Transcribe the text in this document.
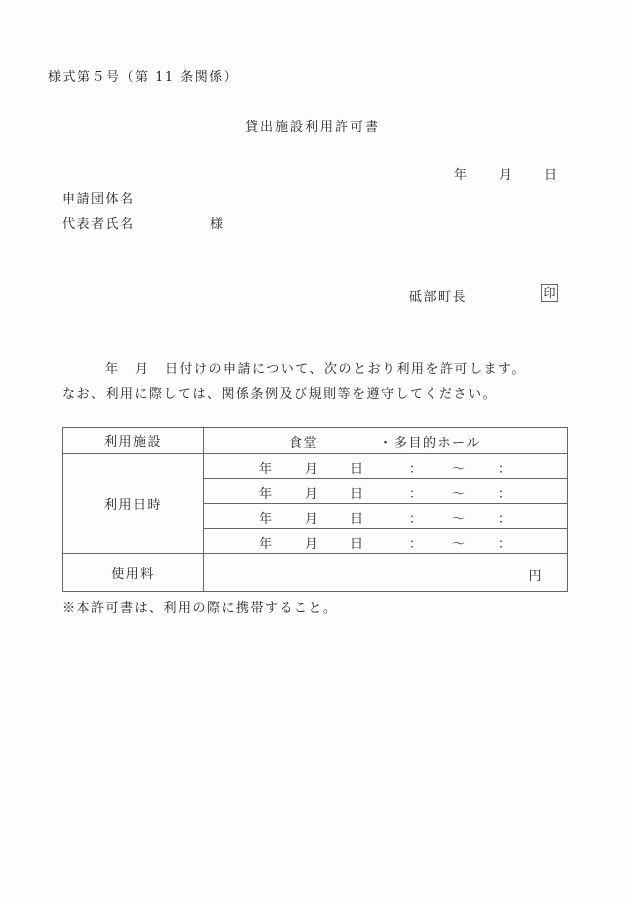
様式第５号（第 11 条関係）
貸出施設利用許可書
年 月 日
申請団体名
代表者氏名	様
砥部町長	印
年 月 日付けの申請について、次のとおり利用を許可します。
なお、利用に際しては、関係条例及び規則等を遵守してください。
利用施設	食堂 ・ 多目的ホール

利用日時	
年 月 日	： ～ ：

年 月 日	： ～ ：

年 月 日	： ～ ：

年 月 日	： ～ ：

使用料	円
※本許可書は、利用の際に携帯すること。
